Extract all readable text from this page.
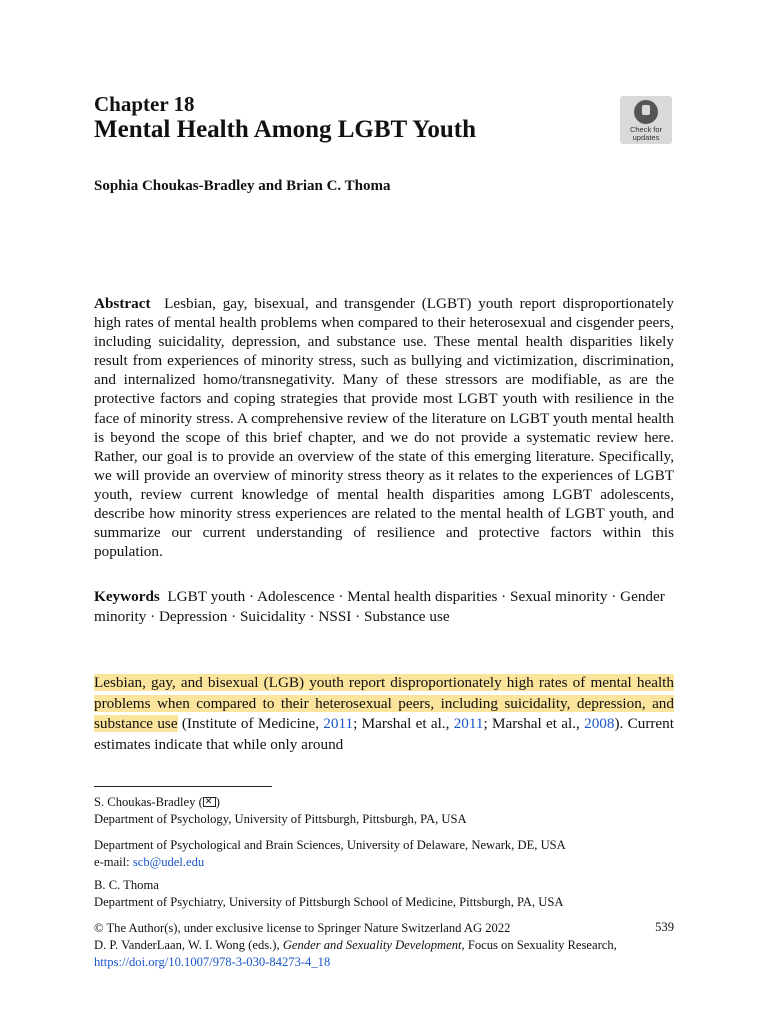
Chapter 18
Mental Health Among LGBT Youth	Check for
updates
Sophia Choukas-Bradley and Brian C. Thoma
Abstract Lesbian, gay, bisexual, and transgender (LGBT) youth report disproportionately high rates of mental health problems when compared to their heterosexual and cisgender peers, including suicidality, depression, and substance use. These mental health disparities likely result from experiences of minority stress, such as bullying and victimization, discrimination, and internalized homo/transnegativity. Many of these stressors are modifiable, as are the protective factors and coping strategies that provide most LGBT youth with resilience in the face of minority stress. A comprehensive review of the literature on LGBT youth mental health is beyond the scope of this brief chapter, and we do not provide a systematic review here. Rather, our goal is to provide an overview of the state of this emerging literature. Specifically, we will provide an overview of minority stress theory as it relates to the experiences of LGBT youth, review current knowledge of mental health disparities among LGBT adolescents, describe how minority stress experiences are related to the mental health of LGBT youth, and summarize our current understanding of resilience and protective factors within this population.
Keywords LGBT youth · Adolescence · Mental health disparities · Sexual minority · Gender minority · Depression · Suicidality · NSSI · Substance use
Lesbian, gay, and bisexual (LGB) youth report disproportionately high rates of mental health problems when compared to their heterosexual peers, including suicidality, depression, and substance use (Institute of Medicine, 2011; Marshal et al., 2011; Marshal et al., 2008). Current estimates indicate that while only around
S. Choukas-Bradley (✕ )
Department of Psychology, University of Pittsburgh, Pittsburgh, PA, USA
Department of Psychological and Brain Sciences, University of Delaware, Newark, DE, USA
e-mail: scb@udel.edu
B. C. Thoma
Department of Psychiatry, University of Pittsburgh School of Medicine, Pittsburgh, PA, USA
© The Author(s), under exclusive license to Springer Nature Switzerland AG 2022
D. P. VanderLaan, W. I. Wong (eds.), Gender and Sexuality Development, Focus on Sexuality Research, https://doi.org/10.1007/978-3-030-84273-4_18
539
